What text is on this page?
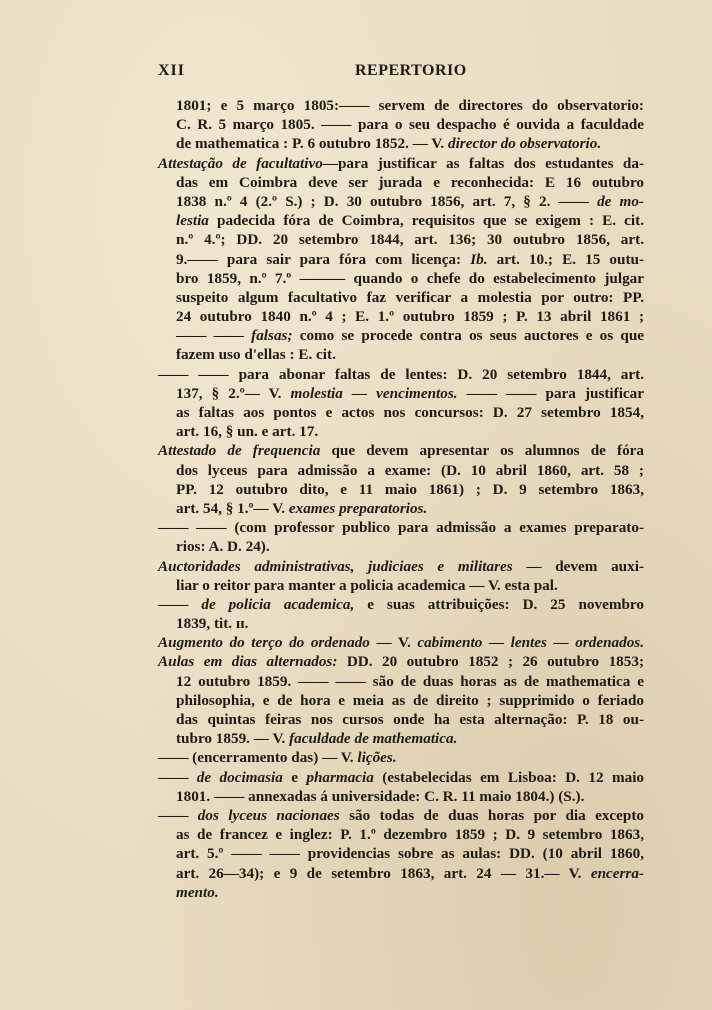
XII	REPERTORIO
1801; e 5 março 1805:—— servem de directores do observatorio:
C. R. 5 março 1805. —— para o seu despacho é ouvida a faculdade
de mathematica : P. 6 outubro 1852. — V. director do observatorio.
Attestação de facultativo—para justificar as faltas dos estudantes da-
das em Coimbra deve ser jurada e reconhecida: E 16 outubro
1838 n.º 4 (2.º S.) ; D. 30 outubro 1856, art. 7, § 2. —— de mo-
lestia padecida fóra de Coimbra, requisitos que se exigem : E. cit.
n.º 4.º; DD. 20 setembro 1844, art. 136; 30 outubro 1856, art.
9.—— para sair para fóra com licença: Ib. art. 10.; E. 15 outu-
bro 1859, n.º 7.º ——— quando o chefe do estabelecimento julgar
suspeito algum facultativo faz verificar a molestia por outro: PP.
24 outubro 1840 n.º 4 ; E. 1.º outubro 1859 ; P. 13 abril 1861 ;
—— —— falsas; como se procede contra os seus auctores e os que
fazem uso d'ellas : E. cit.
—— —— para abonar faltas de lentes: D. 20 setembro 1844, art.
137, § 2.º— V. molestia — vencimentos. —— —— para justificar
as faltas aos pontos e actos nos concursos: D. 27 setembro 1854,
art. 16, § un. e art. 17.
Attestado de frequencia que devem apresentar os alumnos de fóra
dos lyceus para admissão a exame: (D. 10 abril 1860, art. 58 ;
PP. 12 outubro dito, e 11 maio 1861) ; D. 9 setembro 1863,
art. 54, § 1.º— V. exames preparatorios.
—— —— (com professor publico para admissão a exames preparato-
rios: A. D. 24).
Auctoridades administrativas, judiciaes e militares — devem auxi-
liar o reitor para manter a policia academica — V. esta pal.
—— de policia academica, e suas attribuições: D. 25 novembro
1839, tit. ɪɪ.
Augmento do terço do ordenado — V. cabimento — lentes — ordenados.
Aulas em dias alternados: DD. 20 outubro 1852 ; 26 outubro 1853;
12 outubro 1859. —— —— são de duas horas as de mathematica e
philosophia, e de hora e meia as de direito ; supprimido o feriado
das quintas feiras nos cursos onde ha esta alternação: P. 18 ou-
tubro 1859. — V. faculdade de mathematica.
—— (encerramento das) — V. lições.
—— de docimasia e pharmacia (estabelecidas em Lisboa: D. 12 maio
1801. —— annexadas á universidade: C. R. 11 maio 1804.) (S.).
—— dos lyceus nacionaes são todas de duas horas por dia excepto
as de francez e inglez: P. 1.º dezembro 1859 ; D. 9 setembro 1863,
art. 5.º —— —— providencias sobre as aulas: DD. (10 abril 1860,
art. 26—34); e 9 de setembro 1863, art. 24 — 31.— V. encerra-
mento.
